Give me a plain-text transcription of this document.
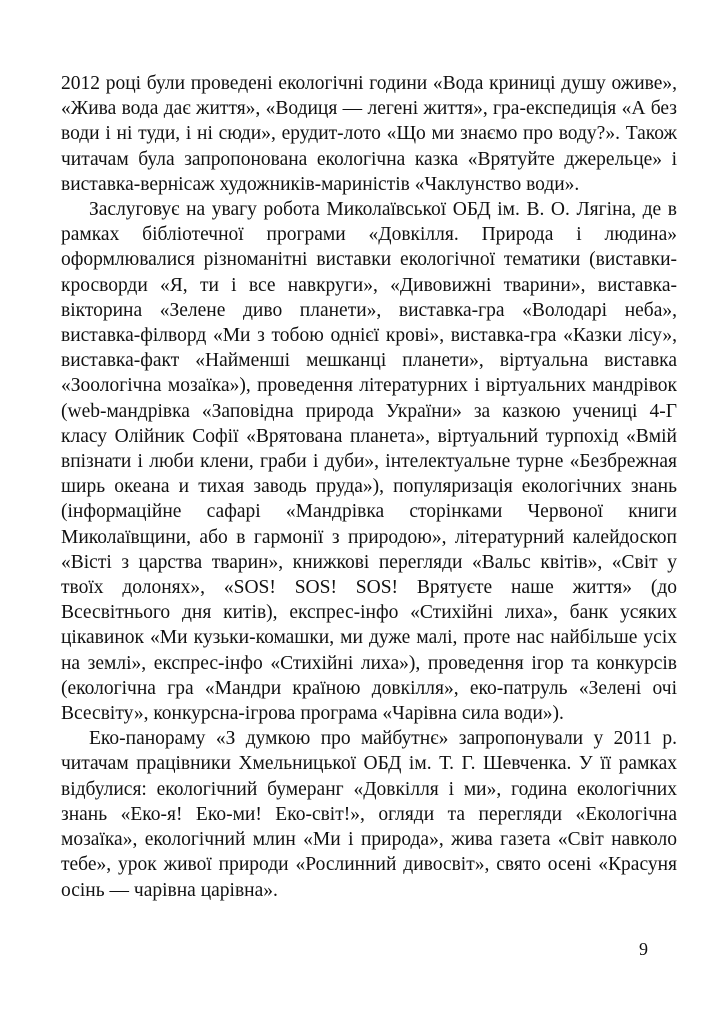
2012 році були проведені екологічні години «Вода криниці душу оживе», «Жива вода дає життя», «Водиця — легені життя», гра-експедиція «А без води і ні туди, і ні сюди», ерудит-лото «Що ми знаємо про воду?». Також читачам була запропонована екологічна казка «Врятуйте джерельце» і виставка-вернісаж художників-мариністів «Чаклунство води».

Заслуговує на увагу робота Миколаївської ОБД ім. В. О. Лягіна, де в рамках бібліотечної програми «Довкілля. Природа і людина» оформлювалися різноманітні виставки екологічної тематики (виставки-кросворди «Я, ти і все навкруги», «Дивовижні тварини», виставка-вікторина «Зелене диво планети», виставка-гра «Володарі неба», виставка-філворд «Ми з тобою однієї крові», виставка-гра «Казки лісу», виставка-факт «Найменші мешканці планети», віртуальна виставка «Зоологічна мозаїка»), проведення літературних і віртуальних мандрівок (web-мандрівка «Заповідна природа України» за казкою учениці 4-Г класу Олійник Софії «Врятована планета», віртуальний турпохід «Вмій впізнати і люби клени, граби і дуби», інтелектуальне турне «Безбрежная ширь океана и тихая заводь пруда»), популяризація екологічних знань (інформаційне сафарі «Мандрівка сторінками Червоної книги Миколаївщини, або в гармонії з природою», літературний калейдоскоп «Вісті з царства тварин», книжкові перегляди «Вальс квітів», «Світ у твоїх долонях», «SOS! SOS! SOS! Врятуєте наше життя» (до Всесвітнього дня китів), експрес-інфо «Стихійні лиха», банк усяких цікавинок «Ми кузьки-комашки, ми дуже малі, проте нас найбільше усіх на землі», експрес-інфо «Стихійні лиха»), проведення ігор та конкурсів (екологічна гра «Мандри країною довкілля», еко-патруль «Зелені очі Всесвіту», конкурсна-ігрова програма «Чарівна сила води»).

Еко-панораму «З думкою про майбутнє» запропонували у 2011 р. читачам працівники Хмельницької ОБД ім. Т. Г. Шевченка. У її рамках відбулися: екологічний бумеранг «Довкілля і ми», година екологічних знань «Еко-я! Еко-ми! Еко-світ!», огляди та перегляди «Екологічна мозаїка», екологічний млин «Ми і природа», жива газета «Світ навколо тебе», урок живої природи «Рослинний дивосвіт», свято осені «Красуня осінь — чарівна царівна».

9
